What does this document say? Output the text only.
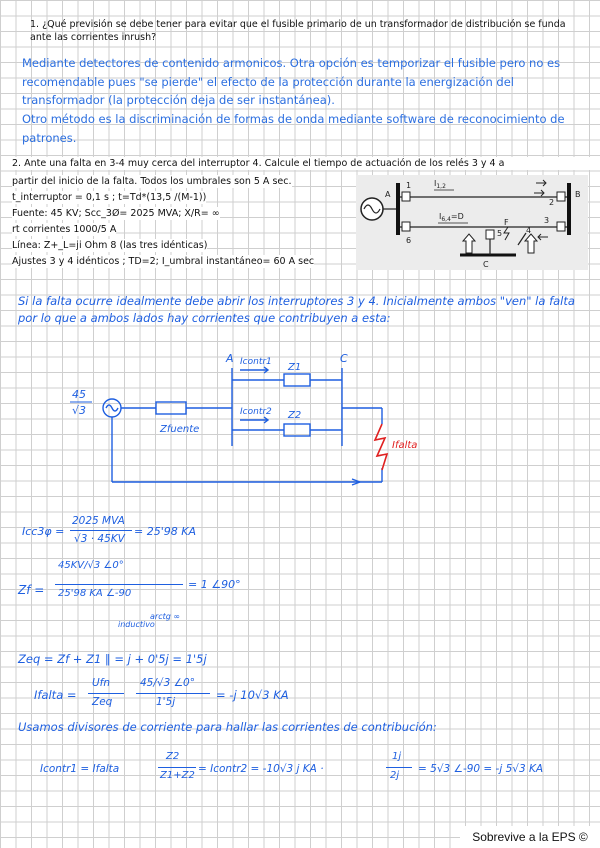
1. ¿Qué previsión se debe tener para evitar que el fusible primario de un transformador de distribución se funda ante las corrientes inrush?
Mediante detectores de contenido armonicos. Otra opción es temporizar el fusible pero no es recomendable pues "se pierde" el efecto de la protección durante la energización del transformador (la protección deja de ser instantánea).
Otro método es la discriminación de formas de onda mediante software de reconocimiento de patrones.
2. Ante una falta en 3-4 muy cerca del interruptor 4. Calcule el tiempo de actuación de los relés 3 y 4 a
partir del inicio de la falta. Todos los umbrales son 5 A sec.
t_interruptor = 0,1 s ; t=Td*(13,5 /(M-1))
Fuente: 45 KV; Scc_3Ø= 2025 MVA; X/R= ∞
rt corrientes 1000/5 A
Línea: Z+_L=ji Ohm 8 (las tres idénticas)
Ajustes 3 y 4 idénticos ; TD=2; I_umbral instantáneo= 60 A sec
A	B
1
2
$I_{1,2}$
6
3
$I_{6,4}=D$
5	4
F
C
Si la falta ocurre idealmente debe abrir los interruptores 3 y 4. Inicialmente ambos "ven" la falta por lo que a ambos lados hay corrientes que contribuyen a esta:
A	C
45
√3
Zfuente
Icontr1 Z1
Icontr2 Z2
Ifalta
Icc3φ =
2025 MVA
√3 · 45KV
= 25'98 KA
Zf =
45KV/√3 ∠0°
25'98 KA ∠-90
= 1 ∠90°
inductivo
arctg ∞
Zeq = Zf + Z1 ‖ = j + 0'5j = 1'5j
Ifalta =
Ufn
Zeq
45/√3 ∠0°
1'5j	= -j 10√3 KA
Usamos divisores de corriente para hallar las corrientes de contribución:
Icontr1 = Ifalta
Z2
Z1+Z2
= Icontr2 = -10√3 j KA ·
1j
2j
= 5√3 ∠-90 = -j 5√3 KA
Sobrevive a la EPS ©
